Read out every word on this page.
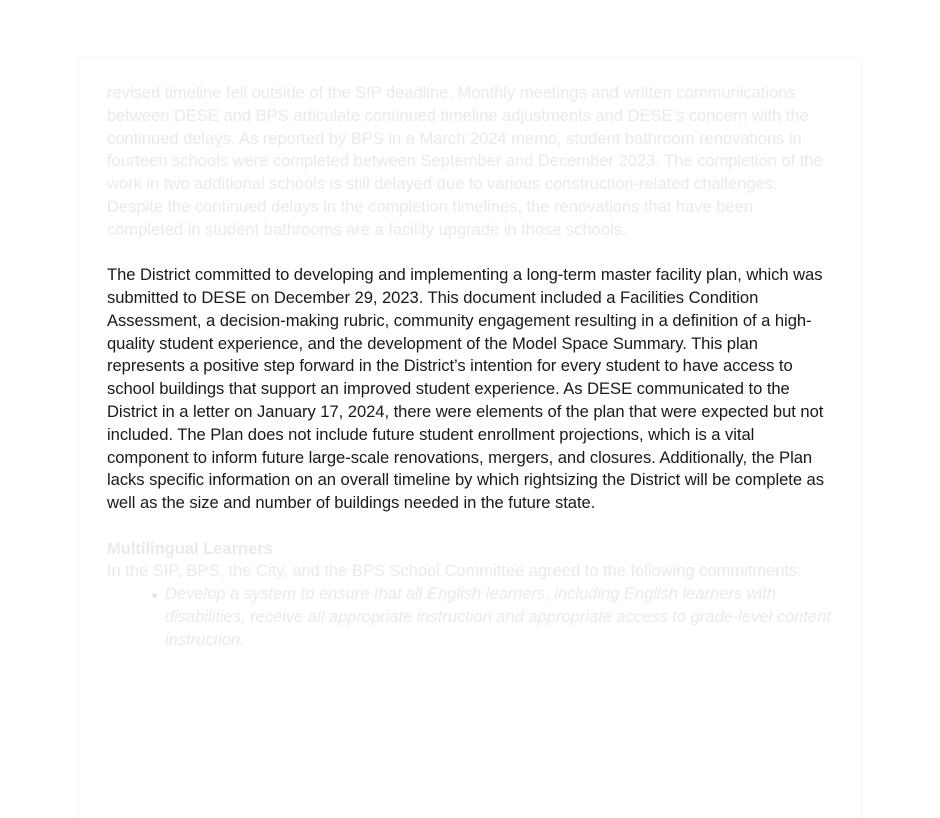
revised timeline fell outside of the SIP deadline. Monthly meetings and written communications between DESE and BPS articulate continued timeline adjustments and DESE’s concern with the continued delays. As reported by BPS in a March 2024 memo, student bathroom renovations in fourteen schools were completed between September and December 2023. The completion of the work in two additional schools is still delayed due to various construction-related challenges. Despite the continued delays in the completion timelines, the renovations that have been completed in student bathrooms are a facility upgrade in those schools.

The District committed to developing and implementing a long-term master facility plan, which was submitted to DESE on December 29, 2023. This document included a Facilities Condition Assessment, a decision-making rubric, community engagement resulting in a definition of a high-quality student experience, and the development of the Model Space Summary. This plan represents a positive step forward in the District’s intention for every student to have access to school buildings that support an improved student experience. As DESE communicated to the District in a letter on January 17, 2024, there were elements of the plan that were expected but not included. The Plan does not include future student enrollment projections, which is a vital component to inform future large-scale renovations, mergers, and closures. Additionally, the Plan lacks specific information on an overall timeline by which rightsizing the District will be complete as well as the size and number of buildings needed in the future state.

Multilingual Learners

In the SIP, BPS, the City, and the BPS School Committee agreed to the following commitments:

Develop a system to ensure that all English learners, including English learners with disabilities, receive all appropriate instruction and appropriate access to grade-level content instruction.
